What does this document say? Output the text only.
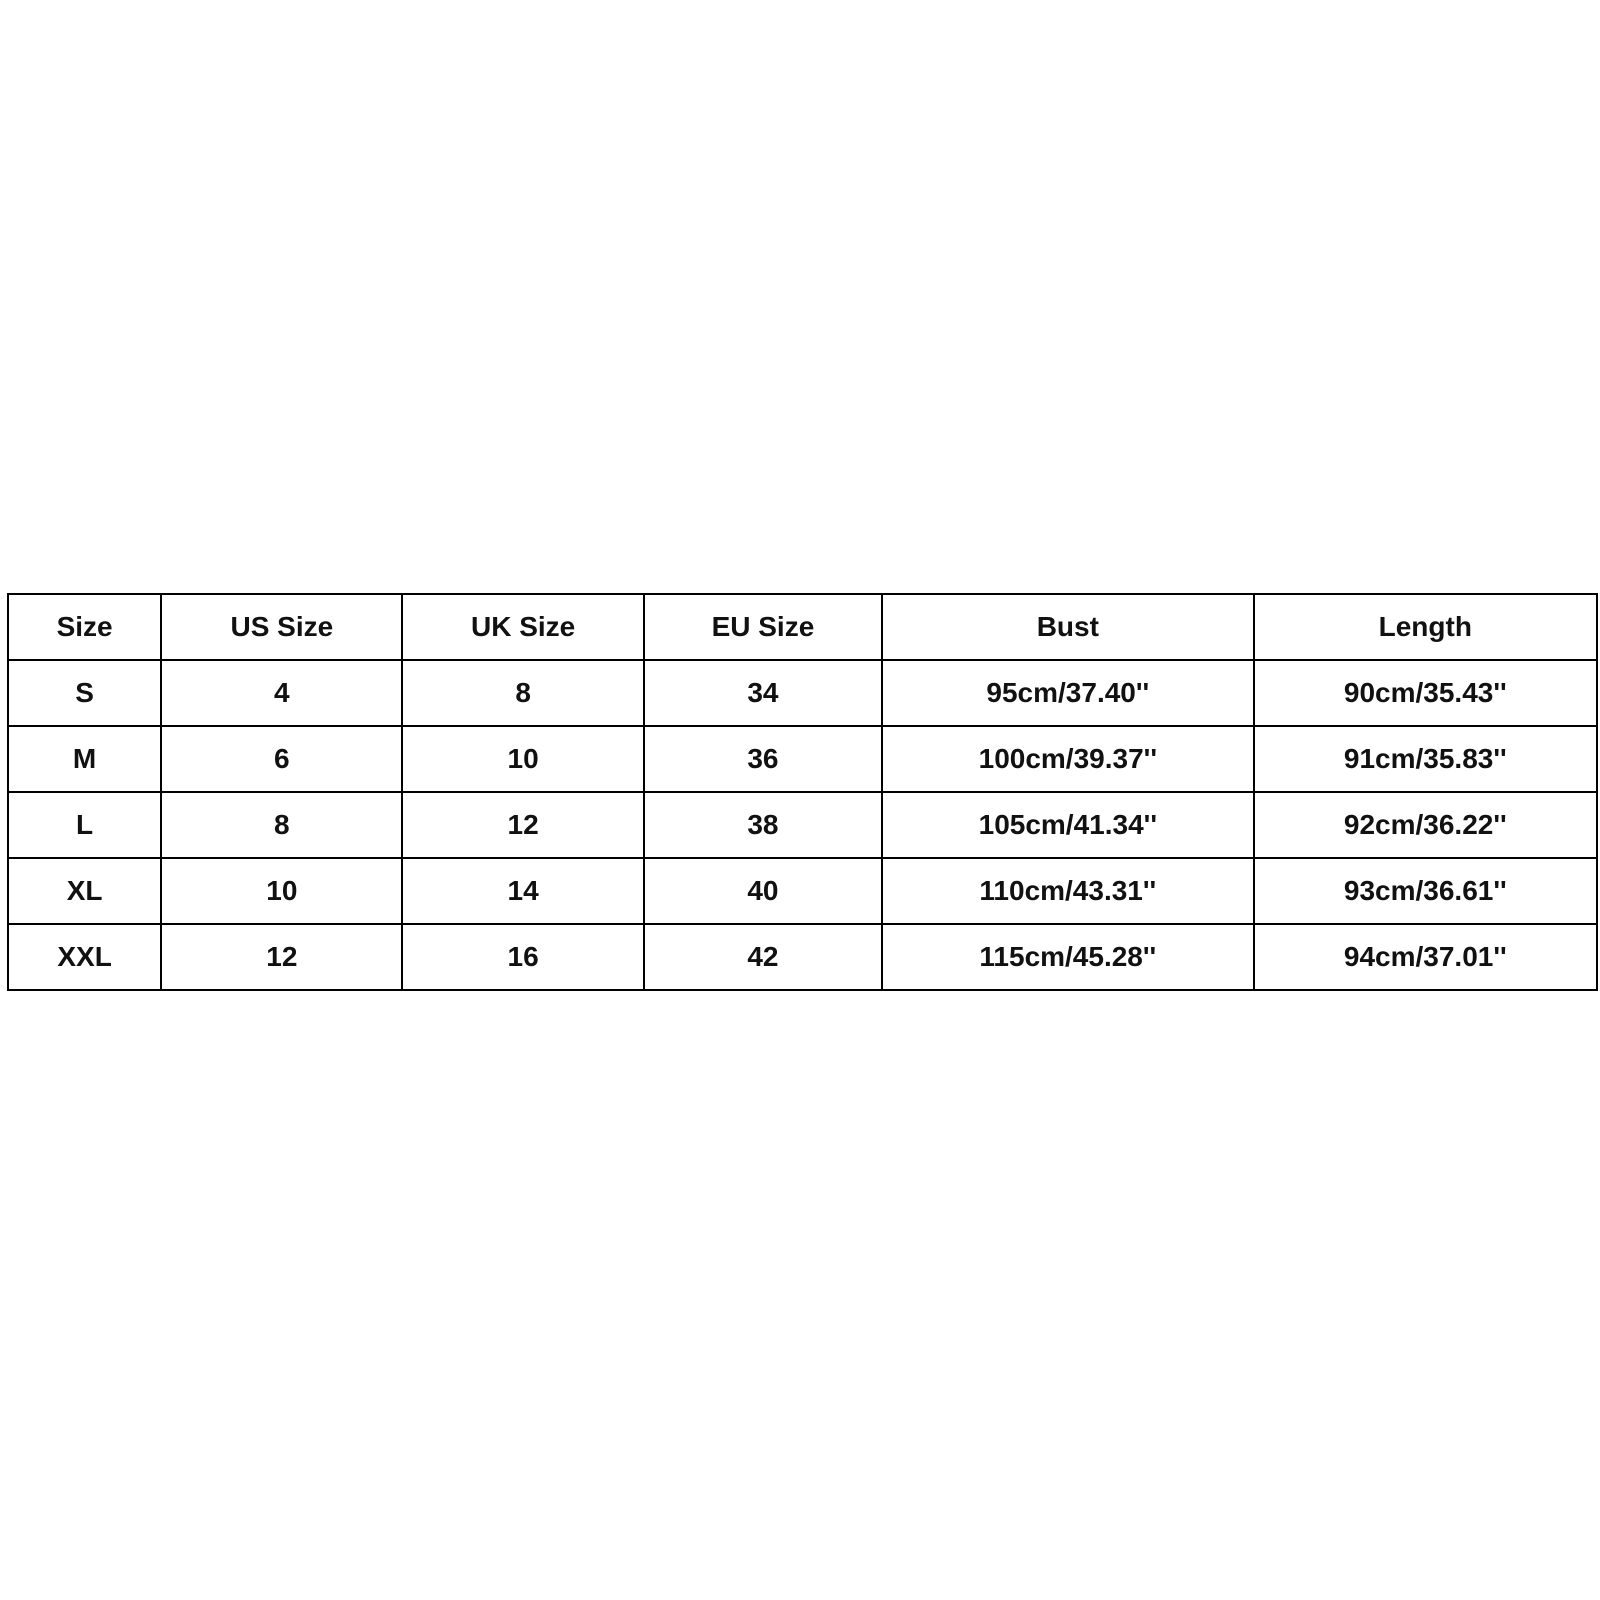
Size	US Size	UK Size	EU Size	Bust	Length
S	4	8	34	95cm/37.40''	90cm/35.43''
M	6	10	36	100cm/39.37''	91cm/35.83''
L	8	12	38	105cm/41.34''	92cm/36.22''
XL	10	14	40	110cm/43.31''	93cm/36.61''
XXL	12	16	42	115cm/45.28''	94cm/37.01''
